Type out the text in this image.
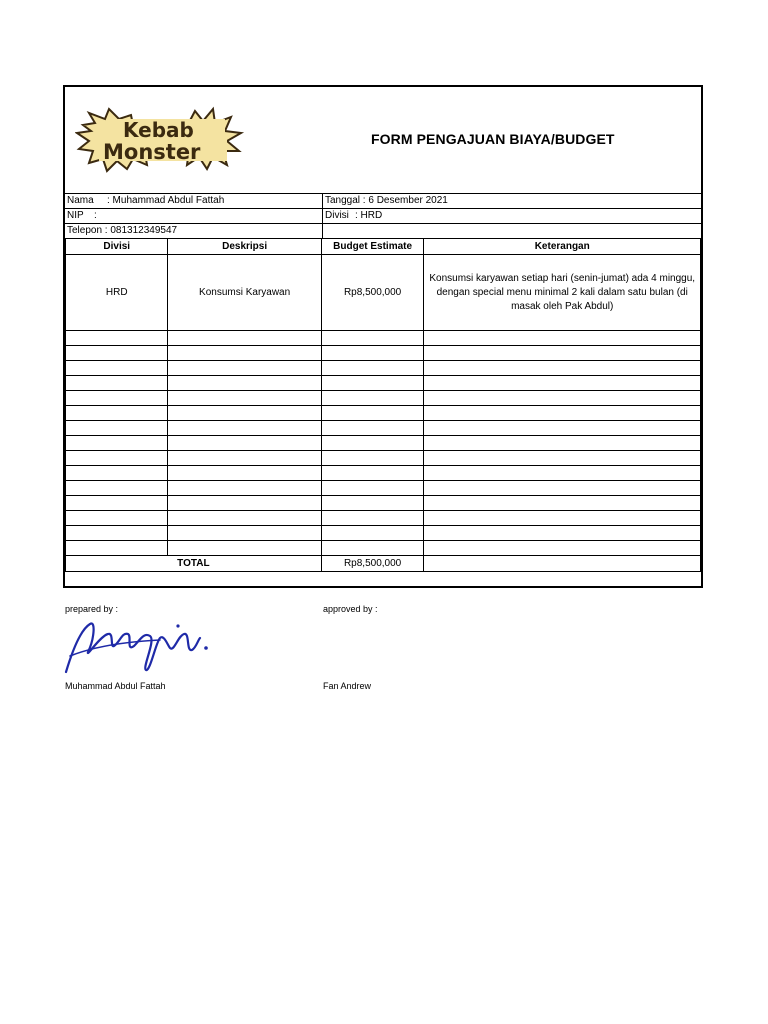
Kebab
Monster
FORM PENGAJUAN BIAYA/BUDGET
Nama : Muhammad Abdul Fattah	Tanggal : 6 Desember 2021
NIP :	Divisi : HRD
Telepon : 081312349547
Divisi	Deskripsi	Budget Estimate	Keterangan
HRD	Konsumsi Karyawan	Rp8,500,000	Konsumsi karyawan setiap hari (senin-jumat) ada 4 minggu, dengan special menu minimal 2 kali dalam satu bulan (di masak oleh Pak Abdul)

TOTAL		Rp8,500,000	
prepared by :	approved by :
Muhammad Abdul Fattah	Fan Andrew
